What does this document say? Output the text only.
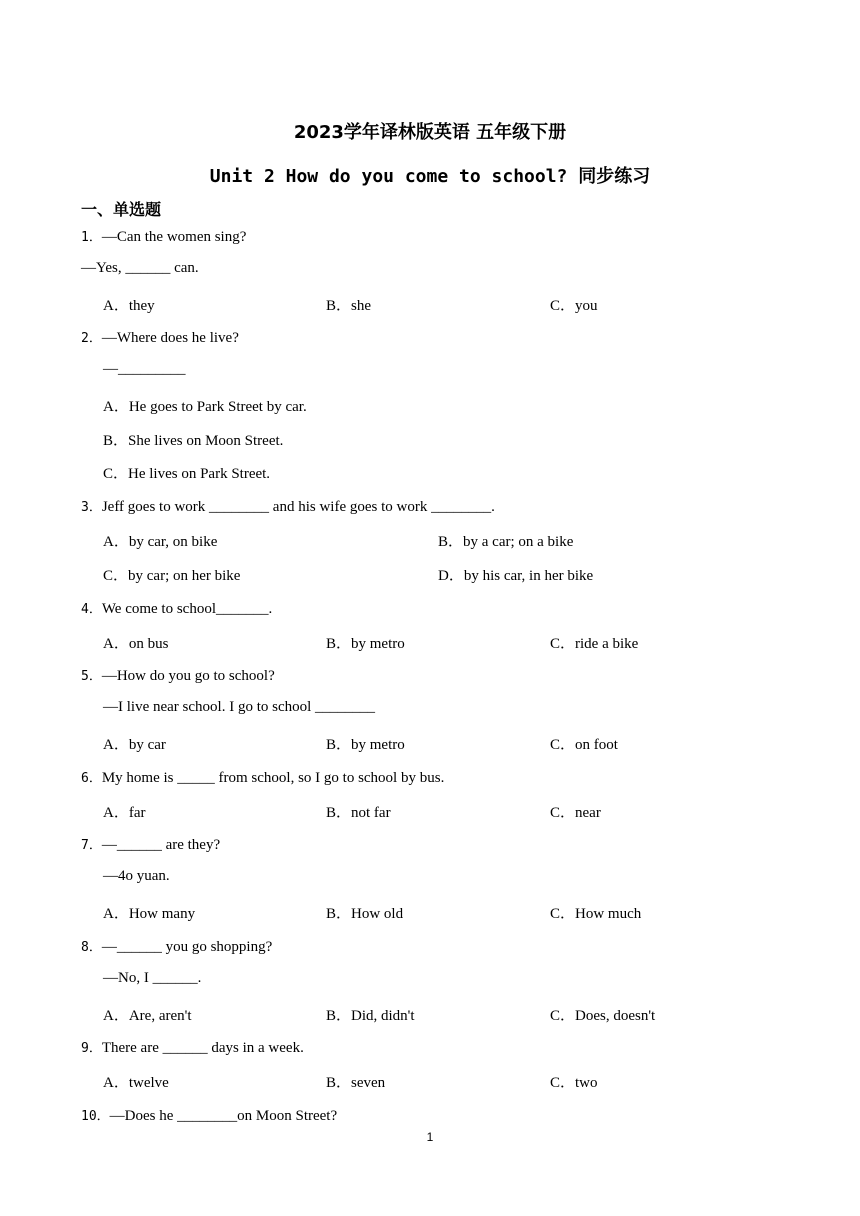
2023学年译林版英语 五年级下册
Unit 2 How do you come to school? 同步练习
一、单选题
1．—Can the women sing?
—Yes, ______ can.
A．they	B．she	C．you
2．—Where does he live?
—_________
A．He goes to Park Street by car.
B．She lives on Moon Street.
C．He lives on Park Street.
3．Jeff goes to work ________ and his wife goes to work ________.
A．by car, on bike	B．by a car; on a bike
C．by car; on her bike	D．by his car, in her bike
4．We come to school_______.
A．on bus	B．by metro	C．ride a bike
5．—How do you go to school?
—I live near school. I go to school ________
A．by car	B．by metro	C．on foot
6．My home is _____ from school, so I go to school by bus.
A．far	B．not far	C．near
7．—______ are they?
—4o yuan.
A．How many	B．How old	C．How much
8．—______ you go shopping?
—No, I ______.
A．Are, aren't	B．Did, didn't	C．Does, doesn't
9．There are ______ days in a week.
A．twelve	B．seven	C．two
10．—Does he ________on Moon Street?
1
